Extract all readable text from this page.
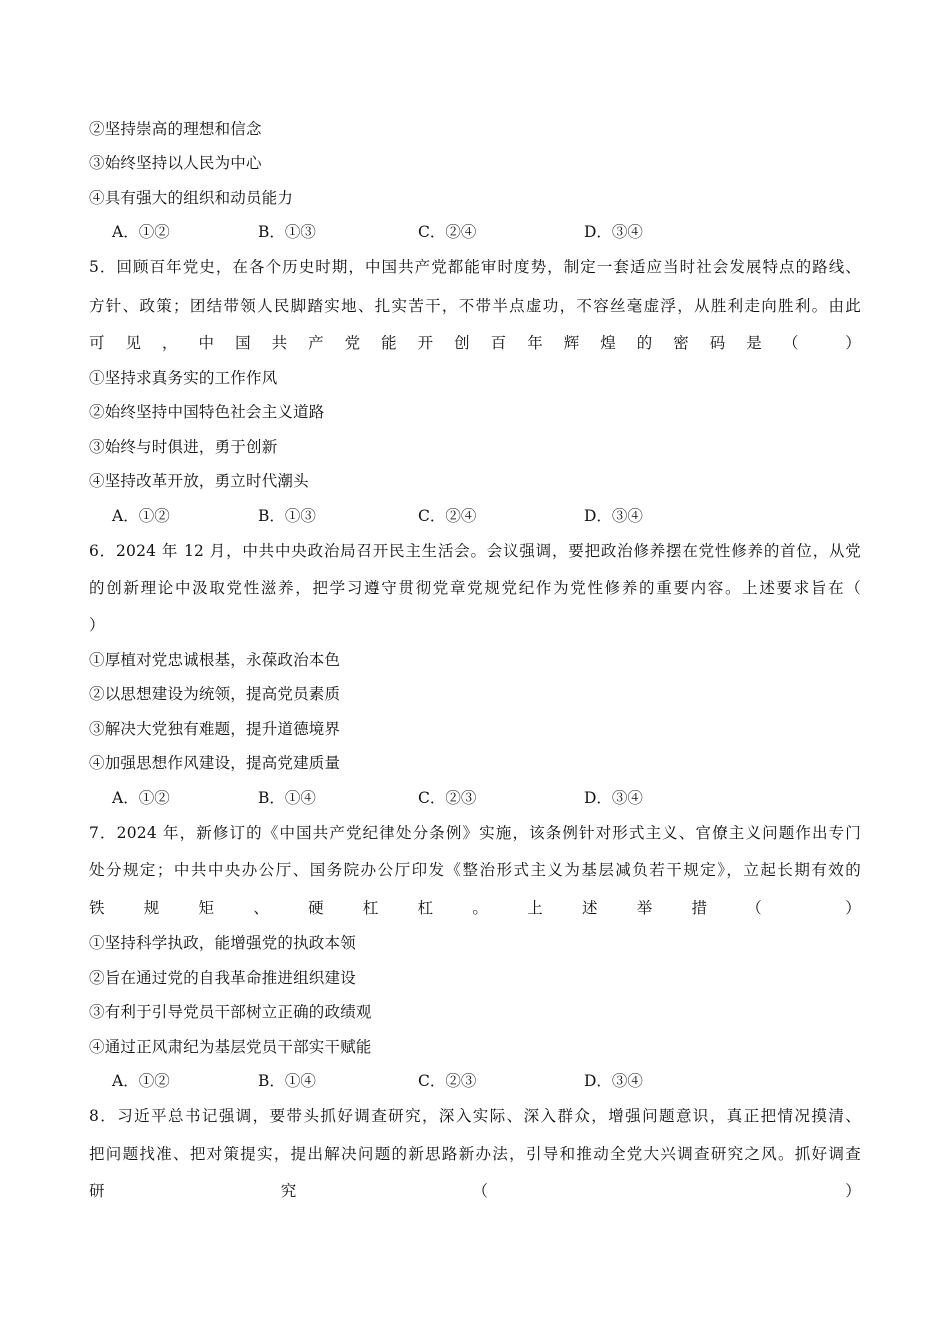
②坚持崇高的理想和信念
③始终坚持以人民为中心
④具有强大的组织和动员能力
A．①②	B．①③	C．②④	D．③④
5．回顾百年党史，在各个历史时期，中国共产党都能审时度势，制定一套适应当时社会发展特点的路线、
方针、政策；团结带领人民脚踏实地、扎实苦干，不带半点虚功，不容丝毫虚浮，从胜利走向胜利。由此
可见，中国共产党能开创百年辉煌的密码是（ ）
①坚持求真务实的工作作风
②始终坚持中国特色社会主义道路
③始终与时俱进，勇于创新
④坚持改革开放，勇立时代潮头
A．①②	B．①③	C．②④	D．③④
6．2024 年 12 月，中共中央政治局召开民主生活会。会议强调，要把政治修养摆在党性修养的首位，从党
的创新理论中汲取党性滋养，把学习遵守贯彻党章党规党纪作为党性修养的重要内容。上述要求旨在（
）
①厚植对党忠诚根基，永葆政治本色
②以思想建设为统领，提高党员素质
③解决大党独有难题，提升道德境界
④加强思想作风建设，提高党建质量
A．①②	B．①④	C．②③	D．③④
7．2024 年，新修订的《中国共产党纪律处分条例》实施，该条例针对形式主义、官僚主义问题作出专门
处分规定；中共中央办公厅、国务院办公厅印发《整治形式主义为基层减负若干规定》，立起长期有效的
铁规矩、硬杠杠。上述举措（ ）
①坚持科学执政，能增强党的执政本领
②旨在通过党的自我革命推进组织建设
③有利于引导党员干部树立正确的政绩观
④通过正风肃纪为基层党员干部实干赋能
A．①②	B．①④	C．②③	D．③④
8．习近平总书记强调，要带头抓好调查研究，深入实际、深入群众，增强问题意识，真正把情况摸清、
把问题找准、把对策提实，提出解决问题的新思路新办法，引导和推动全党大兴调查研究之风。抓好调查
研究（ ）
